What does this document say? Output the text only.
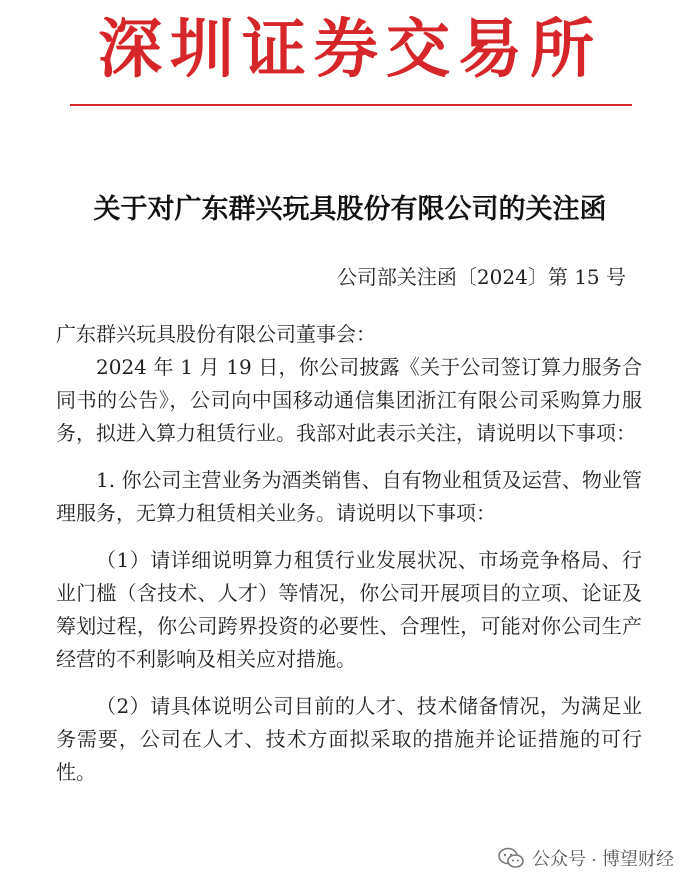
深圳证券交易所
关于对广东群兴玩具股份有限公司的关注函
公司部关注函〔2024〕第 15 号

广东群兴玩具股份有限公司董事会：

2024 年 1 月 19 日，你公司披露《关于公司签订算力服务合同书的公告》，公司向中国移动通信集团浙江有限公司采购算力服务，拟进入算力租赁行业。我部对此表示关注，请说明以下事项：

1. 你公司主营业务为酒类销售、自有物业租赁及运营、物业管理服务，无算力租赁相关业务。请说明以下事项：

（1）请详细说明算力租赁行业发展状况、市场竞争格局、行业门槛（含技术、人才）等情况，你公司开展项目的立项、论证及筹划过程，你公司跨界投资的必要性、合理性，可能对你公司生产经营的不利影响及相关应对措施。

（2）请具体说明公司目前的人才、技术储备情况，为满足业务需要，公司在人才、技术方面拟采取的措施并论证措施的可行性。

公众号 · 博望财经
